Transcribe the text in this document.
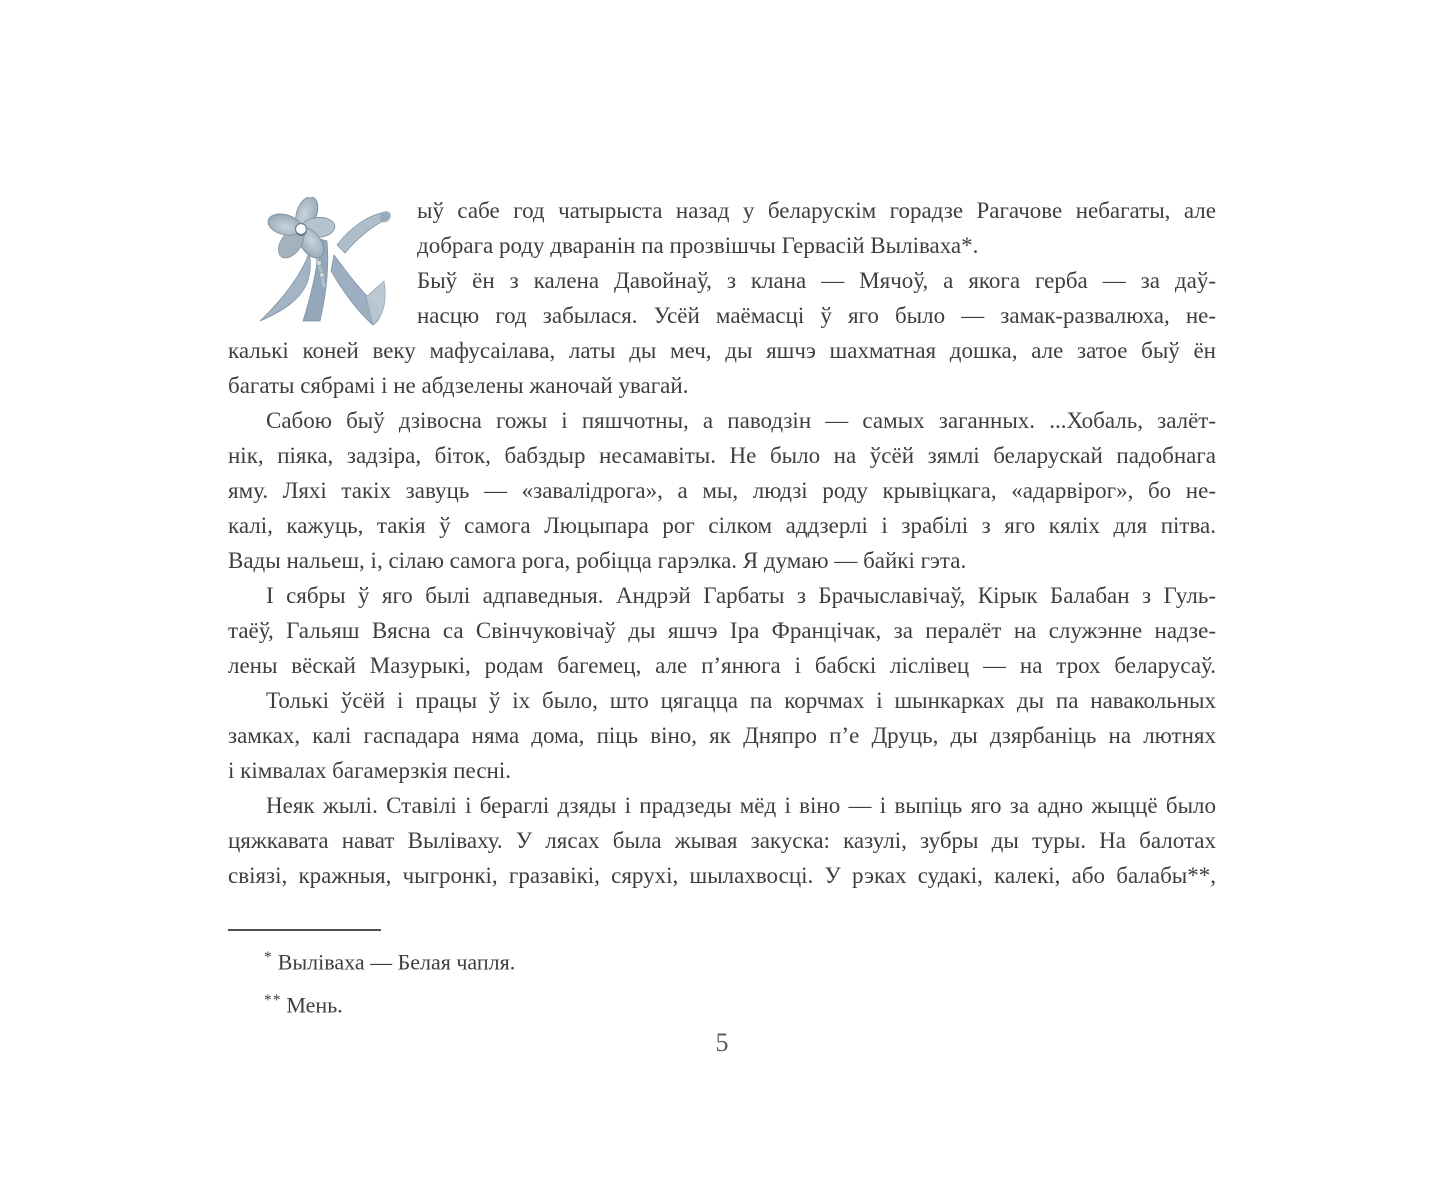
ыў сабе год чатырыста назад у беларускім горадзе Рагачове небагаты, але
добрага роду дваранін па прозвішчы Гервасій Выліваха*.
Быў ён з калена Давойнаў, з клана — Мячоў, а якога герба — за даў-
насцю год забылася. Усёй маёмасці ў яго было — замак-развалюха, не-
калькі коней веку мафусаілава, латы ды меч, ды яшчэ шахматная дошка, але затое быў ён
багаты сябрамі і не абдзелены жаночай увагай.
Сабою быў дзівосна гожы і пяшчотны, а паводзін — самых заганных. ...Хобаль, залёт-
нік, піяка, задзіра, біток, бабздыр несамавіты. Не было на ўсёй зямлі беларускай падобнага
яму. Ляхі такіх завуць — «завалідрога», а мы, людзі роду крывіцкага, «адарвірог», бо не-
калі, кажуць, такія ў самога Люцыпара рог сілком аддзерлі і зрабілі з яго кяліх для пітва.
Вады нальеш, і, сілаю самога рога, робіцца гарэлка. Я думаю — байкі гэта.
І сябры ў яго былі адпаведныя. Андрэй Гарбаты з Брачыславічаў, Кірык Балабан з Гуль-
таёў, Гальяш Вясна са Свінчуковічаў ды яшчэ Іра Францічак, за пералёт на служэнне надзе-
лены вёскай Мазурыкі, родам багемец, але п’янюга і бабскі ліслівец — на трох беларусаў.
Толькі ўсёй і працы ў іх было, што цягацца па корчмах і шынкарках ды па навакольных
замках, калі гаспадара няма дома, піць віно, як Дняпро п’е Друць, ды дзярбаніць на лютнях
і кімвалах багамерзкія песні.
Неяк жылі. Ставілі і бераглі дзяды і прадзеды мёд і віно — і выпіць яго за адно жыццё было
цяжкавата нават Выліваху. У лясах была жывая закуска: казулі, зубры ды туры. На балотах
свіязі, кражныя, чыгронкі, гразавікі, сярухі, шылахвосці. У рэках судакі, калекі, або балабы**,
* Выліваха — Белая чапля.
** Мень.
5
